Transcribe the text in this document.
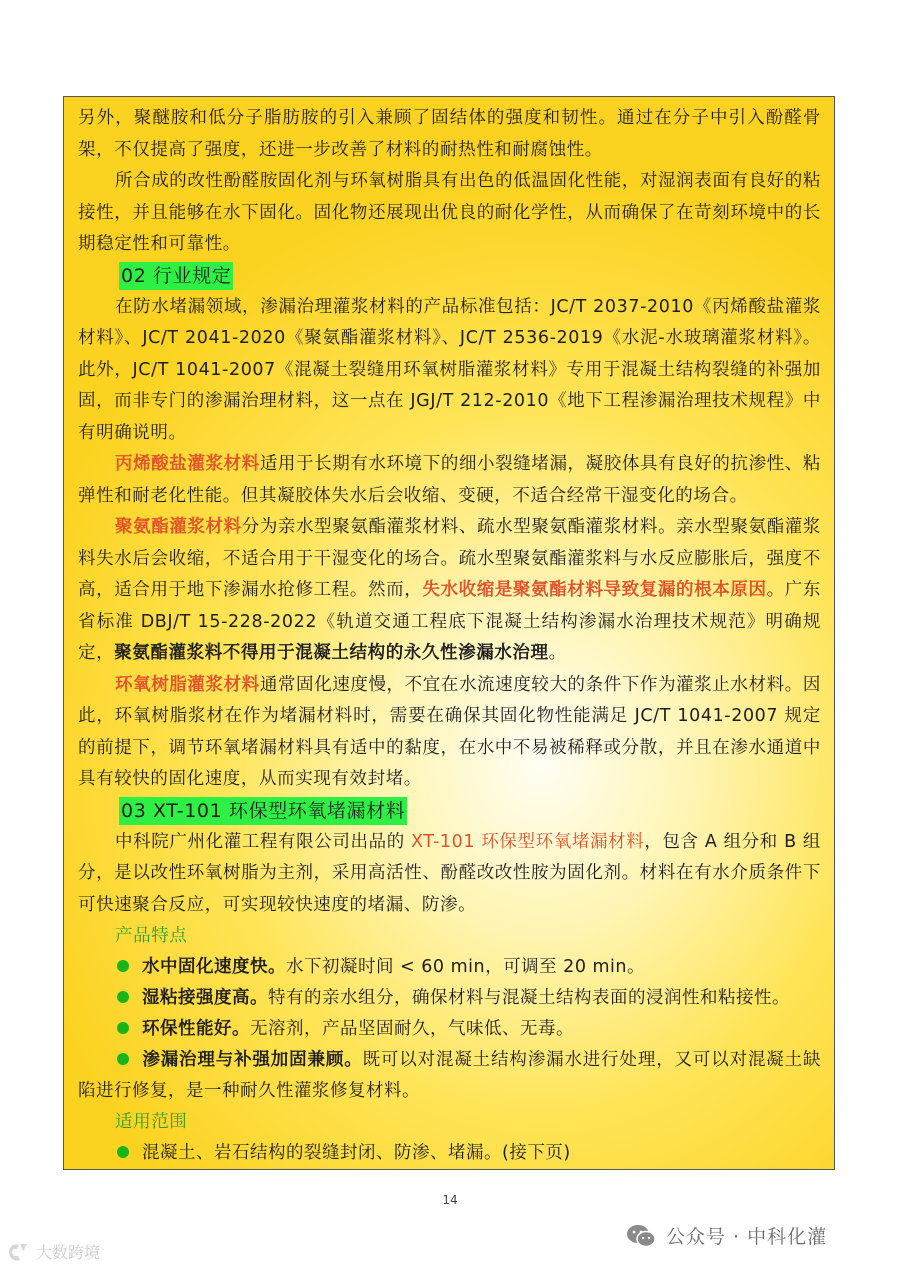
另外，聚醚胺和低分子脂肪胺的引入兼顾了固结体的强度和韧性。通过在分子中引入酚醛骨架，不仅提高了强度，还进一步改善了材料的耐热性和耐腐蚀性。

所合成的改性酚醛胺固化剂与环氧树脂具有出色的低温固化性能，对湿润表面有良好的粘接性，并且能够在水下固化。固化物还展现出优良的耐化学性，从而确保了在苛刻环境中的长期稳定性和可靠性。

02 行业规定

在防水堵漏领域，渗漏治理灌浆材料的产品标准包括：JC/T 2037-2010《丙烯酸盐灌浆材料》、JC/T 2041-2020《聚氨酯灌浆材料》、JC/T 2536-2019《水泥-水玻璃灌浆材料》。此外，JC/T 1041-2007《混凝土裂缝用环氧树脂灌浆材料》专用于混凝土结构裂缝的补强加固，而非专门的渗漏治理材料，这一点在 JGJ/T 212-2010《地下工程渗漏治理技术规程》中有明确说明。

丙烯酸盐灌浆材料适用于长期有水环境下的细小裂缝堵漏，凝胶体具有良好的抗渗性、粘弹性和耐老化性能。但其凝胶体失水后会收缩、变硬，不适合经常干湿变化的场合。

聚氨酯灌浆材料分为亲水型聚氨酯灌浆材料、疏水型聚氨酯灌浆材料。亲水型聚氨酯灌浆料失水后会收缩，不适合用于干湿变化的场合。疏水型聚氨酯灌浆料与水反应膨胀后，强度不高，适合用于地下渗漏水抢修工程。然而，失水收缩是聚氨酯材料导致复漏的根本原因。广东省标准 DBJ/T 15-228-2022《轨道交通工程底下混凝土结构渗漏水治理技术规范》明确规定，聚氨酯灌浆料不得用于混凝土结构的永久性渗漏水治理。

环氧树脂灌浆材料通常固化速度慢，不宜在水流速度较大的条件下作为灌浆止水材料。因此，环氧树脂浆材在作为堵漏材料时，需要在确保其固化物性能满足 JC/T 1041-2007 规定的前提下，调节环氧堵漏材料具有适中的黏度，在水中不易被稀释或分散，并且在渗水通道中具有较快的固化速度，从而实现有效封堵。

03 XT-101 环保型环氧堵漏材料

中科院广州化灌工程有限公司出品的 XT-101 环保型环氧堵漏材料，包含 A 组分和 B 组分，是以改性环氧树脂为主剂，采用高活性、酚醛改改性胺为固化剂。材料在有水介质条件下可快速聚合反应，可实现较快速度的堵漏、防渗。

产品特点

水中固化速度快。水下初凝时间 < 60 min，可调至 20 min。

湿粘接强度高。特有的亲水组分，确保材料与混凝土结构表面的浸润性和粘接性。

环保性能好。无溶剂，产品坚固耐久，气味低、无毒。

渗漏治理与补强加固兼顾。既可以对混凝土结构渗漏水进行处理，又可以对混凝土缺陷进行修复，是一种耐久性灌浆修复材料。

适用范围

混凝土、岩石结构的裂缝封闭、防渗、堵漏。(接下页)

14
公众号 · 中科化灌
大数跨境
